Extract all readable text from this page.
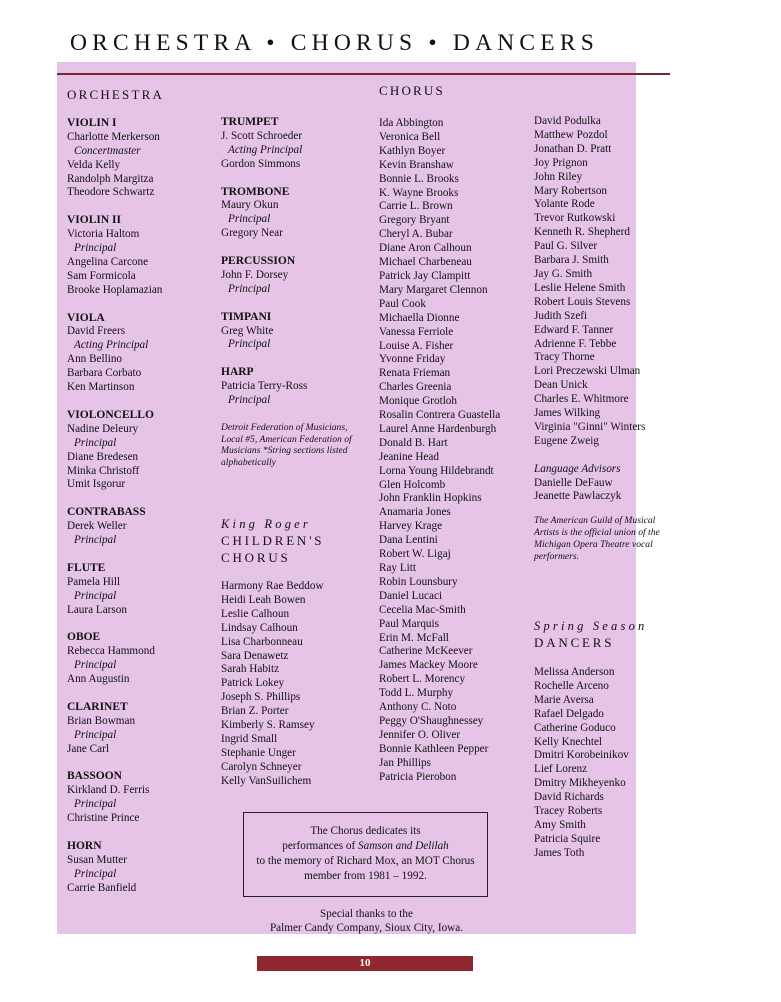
ORCHESTRA • CHORUS • DANCERS
ORCHESTRA
VIOLIN I
Charlotte Merkerson
Concertmaster
Velda Kelly
Randolph Margitza
Theodore Schwartz
VIOLIN II
Victoria Haltom
Principal
Angelina Carcone
Sam Formicola
Brooke Hoplamazian
VIOLA
David Freers
Acting Principal
Ann Bellino
Barbara Corbato
Ken Martinson
VIOLONCELLO
Nadine Deleury
Principal
Diane Bredesen
Minka Christoff
Umit Isgorur
CONTRABASS
Derek Weller
Principal
FLUTE
Pamela Hill
Principal
Laura Larson
OBOE
Rebecca Hammond
Principal
Ann Augustin
CLARINET
Brian Bowman
Principal
Jane Carl
BASSOON
Kirkland D. Ferris
Principal
Christine Prince
HORN
Susan Mutter
Principal
Carrie Banfield
TRUMPET
J. Scott Schroeder
Acting Principal
Gordon Simmons
TROMBONE
Maury Okun
Principal
Gregory Near
PERCUSSION
John F. Dorsey
Principal
TIMPANI
Greg White
Principal
HARP
Patricia Terry-Ross
Principal
Detroit Federation of Musicians, Local #5, American Federation of Musicians *String sections listed alphabetically
King Roger
CHILDREN'S
CHORUS
Harmony Rae Beddow
Heidi Leah Bowen
Leslie Calhoun
Lindsay Calhoun
Lisa Charbonneau
Sara Denawetz
Sarah Habitz
Patrick Lokey
Joseph S. Phillips
Brian Z. Porter
Kimberly S. Ramsey
Ingrid Small
Stephanie Unger
Carolyn Schneyer
Kelly VanSuilichem
CHORUS
Ida Abbington
Veronica Bell
Kathlyn Boyer
Kevin Branshaw
Bonnie L. Brooks
K. Wayne Brooks
Carrie L. Brown
Gregory Bryant
Cheryl A. Bubar
Diane Aron Calhoun
Michael Charbeneau
Patrick Jay Clampitt
Mary Margaret Clennon
Paul Cook
Michaella Dionne
Vanessa Ferriole
Louise A. Fisher
Yvonne Friday
Renata Frieman
Charles Greenia
Monique Grotloh
Rosalin Contrera Guastella
Laurel Anne Hardenburgh
Donald B. Hart
Jeanine Head
Lorna Young Hildebrandt
Glen Holcomb
John Franklin Hopkins
Anamaria Jones
Harvey Krage
Dana Lentini
Robert W. Ligaj
Ray Litt
Robin Lounsbury
Daniel Lucaci
Cecelia Mac-Smith
Paul Marquis
Erin M. McFall
Catherine McKeever
James Mackey Moore
Robert L. Morency
Todd L. Murphy
Anthony C. Noto
Peggy O'Shaughnessey
Jennifer O. Oliver
Bonnie Kathleen Pepper
Jan Phillips
Patricia Pierobon
David Podulka
Matthew Pozdol
Jonathan D. Pratt
Joy Prignon
John Riley
Mary Robertson
Yolante Rode
Trevor Rutkowski
Kenneth R. Shepherd
Paul G. Silver
Barbara J. Smith
Jay G. Smith
Leslie Helene Smith
Robert Louis Stevens
Judith Szefi
Edward F. Tanner
Adrienne F. Tebbe
Tracy Thorne
Lori Preczewski Ulman
Dean Unick
Charles E. Whitmore
James Wilking
Virginia "Ginni" Winters
Eugene Zweig
Language Advisors
Danielle DeFauw
Jeanette Pawlaczyk
The American Guild of Musical Artists is the official union of the Michigan Opera Theatre vocal performers.
Spring Season
DANCERS
Melissa Anderson
Rochelle Arceno
Marie Aversa
Rafael Delgado
Catherine Goduco
Kelly Knechtel
Dmitri Korobeinikov
Lief Lorenz
Dmitry Mikheyenko
David Richards
Tracey Roberts
Amy Smith
Patricia Squire
James Toth
The Chorus dedicates its
performances of Samson and Delilah
to the memory of Richard Mox, an MOT Chorus
member from 1981 – 1992.
Special thanks to the
Palmer Candy Company, Sioux City, Iowa.
10
